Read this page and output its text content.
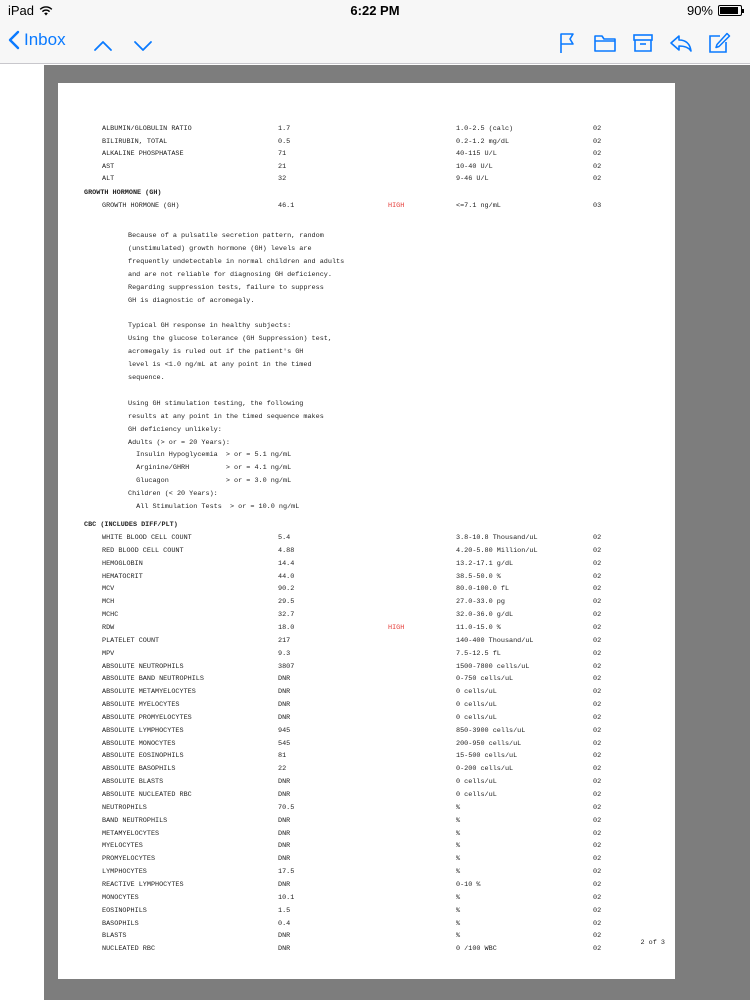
iPad	6:22 PM	90%
Inbox
ALBUMIN/GLOBULIN RATIO	1.7	1.0-2.5 (calc)	02
BILIRUBIN, TOTAL	0.5	0.2-1.2 mg/dL	02
ALKALINE PHOSPHATASE	71	40-115 U/L	02
AST	21	10-40 U/L	02
ALT	32	9-46 U/L	02
GROWTH HORMONE (GH)
GROWTH HORMONE (GH)	46.1	HIGH	<=7.1 ng/mL	03
Because of a pulsatile secretion pattern, random
(unstimulated) growth hormone (GH) levels are
frequently undetectable in normal children and adults
and are not reliable for diagnosing GH deficiency.
Regarding suppression tests, failure to suppress
GH is diagnostic of acromegaly.

Typical GH response in healthy subjects:
Using the glucose tolerance (GH Suppression) test,
acromegaly is ruled out if the patient's GH
level is <1.0 ng/mL at any point in the timed
sequence.

Using GH stimulation testing, the following
results at any point in the timed sequence makes
GH deficiency unlikely:
Adults (> or = 20 Years):
Insulin Hypoglycemia  > or = 5.1 ng/mL
Arginine/GHRH         > or = 4.1 ng/mL
Glucagon              > or = 3.0 ng/mL
Children (< 20 Years):
All Stimulation Tests  > or = 10.0 ng/mL
CBC (INCLUDES DIFF/PLT)
WHITE BLOOD CELL COUNT	5.4	3.8-10.8 Thousand/uL	02
RED BLOOD CELL COUNT	4.88	4.20-5.80 Million/uL	02
HEMOGLOBIN	14.4	13.2-17.1 g/dL	02
HEMATOCRIT	44.0	38.5-50.0 %	02
MCV	90.2	80.0-100.0 fL	02
MCH	29.5	27.0-33.0 pg	02
MCHC	32.7	32.0-36.0 g/dL	02
RDW	18.0	HIGH	11.0-15.0 %	02
PLATELET COUNT	217	140-400 Thousand/uL	02
MPV	9.3	7.5-12.5 fL	02
ABSOLUTE NEUTROPHILS	3807	1500-7800 cells/uL	02
ABSOLUTE BAND NEUTROPHILS	DNR	0-750 cells/uL	02
ABSOLUTE METAMYELOCYTES	DNR	0 cells/uL	02
ABSOLUTE MYELOCYTES	DNR	0 cells/uL	02
ABSOLUTE PROMYELOCYTES	DNR	0 cells/uL	02
ABSOLUTE LYMPHOCYTES	945	850-3900 cells/uL	02
ABSOLUTE MONOCYTES	545	200-950 cells/uL	02
ABSOLUTE EOSINOPHILS	81	15-500 cells/uL	02
ABSOLUTE BASOPHILS	22	0-200 cells/uL	02
ABSOLUTE BLASTS	DNR	0 cells/uL	02
ABSOLUTE NUCLEATED RBC	DNR	0 cells/uL	02
NEUTROPHILS	70.5	%	02
BAND NEUTROPHILS	DNR	%	02
METAMYELOCYTES	DNR	%	02
MYELOCYTES	DNR	%	02
PROMYELOCYTES	DNR	%	02
LYMPHOCYTES	17.5	%	02
REACTIVE LYMPHOCYTES	DNR	0-10 %	02
MONOCYTES	10.1	%	02
EOSINOPHILS	1.5	%	02
BASOPHILS	0.4	%	02
BLASTS	DNR	%	02
NUCLEATED RBC	DNR	0 /100 WBC	02
2 of 3
